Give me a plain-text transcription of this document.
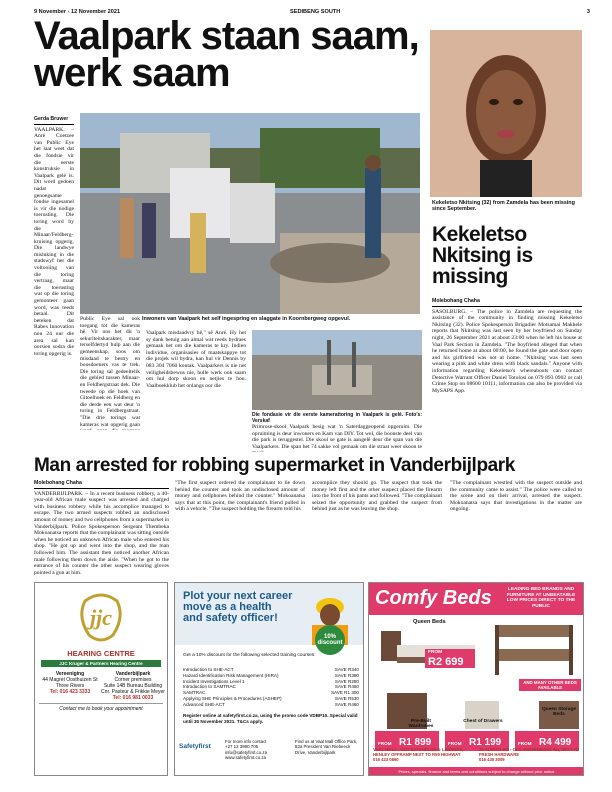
9 November - 12 November 2021	SEDIBENG SOUTH	3
Vaalpark staan saam, werk saam
Gerda Bruwer

VAALPARK. – Anré Coetzee van Public Eye het laat weet dat die fondsie vir die eerste konstruksie in Vaalpark gelé is. Dit word gedoen nadat genoegsame fondse ingesamel is vir die nodige toerusting. Die toring word by die Minaar/Feldberg-kruising opgerig. Die landwye misluking in die stadswyf het die voltooiing van die toring vertraag, maar die toerusting wat op die toring gemonteer gaan word, was reeds betaal. Dit beteken dat Rabex Innovation nou 24 uur die area sal kan oorsien sodra die toring opgerig is.

Inwoners van Vaalpark het self ingespring en slaggate in Koornbergweg opgevul.

Public Eye sal ook toegang tot die kameras hê. Vir ons het dit 'n sekuriteitskarakter, maar terselfdertyd hulp aan die gemeenskap, soos om misdaad te bestry en boosdoeners vas te trek. Die toring sal gedeeltelik die gebied tussen Minaar- en Feldbergstraat dek. Die tweede op die hoek van Gitoelhoek en Feldberg en die derde een wat deur 'n toring in Feldbergstraat. "Die drie torings wat kameras wat opgerig gaan

Vaalpark misdaadvry hê," sê Anré. Hy het sy dank betuig aan almal wat reeds bydraes gemaak het om die kameras te kry. Indien individue, organisasies of maatskappye tot die projek wil bydra, kan hul vir Dennis by 083 304 7060 kontak. Vaalparkers is nie net veiligheidsbewus nie, hulle werk ook saam om hul dorp skoon en netjies te hou. Vaalboekklub het onlangs oor die

Die fondasie vir die eerste kamerattoring in Vaalpark is gelê. Foto's: Verskaf

Primrose-skool Vaalpark besig wat 'n Saterdaggeopend opgeruim. Die opruiming is deur inwoners en Kam van DIY. Tot wel, die boonste deel van die park is teruggestel. Die skool se gate is aangelê deur die span van die Vaalparkers. Die span het 74 sakke vol gemaak om die straat weer skoon te

Kekeletso Nkitsing (32) from Zamdela has been missing since September.
Kekeletso Nkitsing is missing
Molebohang Chaha

SASOLBURG. – The police in Zamdela are requesting the assistance of the community in finding missing Kekeletso Nkitsing (32). Police Spokesperson Brigadier Motsamai Makhele reports that Nkitsing was last seen by her boyfriend on Sunday night, 26 September 2021 at about 23:00 when he left his house at Vaal Park Section in Zamdela. "The boyfriend alleged that when he returned home at about 00:00, he found the gate and door open and his girlfriend was not at home. "Nkitsing was last seen wearing a pink and white dress with black sandals." Anyone with information regarding Kekeletso's whereabouts can contact Detective Warrant Officer Daniel Totolosi on 079 893 0902 or call Crime Stop on 08600 10111, information can also be provided via MySAPS App.

Man arrested for robbing supermarket in Vanderbijlpark
Molebohang Chaha

VANDERBIJLPARK. – In a recent business robbery, a 40-year-old African male suspect was arrested and charged with business robbery while his accomplice managed to escape. The two armed suspects robbed an undisclosed amount of money and two cellphones from a supermarket in Vanderbijlpark. Police Spokesperson Sergeant Thembeka Mokoanatsa reports that the complainant was sitting outside when he noticed an unknown African male who entered his shop. "He got up and went into the shop, and the man followed him. The assistant then noticed another African male following them down the aisle. "When he got to the entrance of his counter the other suspect wearing gloves pointed a gun at him.

"The first suspect ordered the complainant to lie down behind the counter and took an undisclosed amount of money and cellphones behind the counter." Mokoanatsa says that at this point, the complainant's friend pulled in with a vehicle. "The suspect holding the firearm told his

accomplice they should go. The suspect that took the money left first and the other suspect placed the firearm into the front of his pants and followed. "The complainant seized the opportunity and grabbed the suspect from behind just as he was leaving the shop.

"The complainant wrestled with the suspect outside and the community came to assist." The police were called to the scene and on their arrival, arrested the suspect. Mokoanatsa says that investigations in the matter are ongoing.

jjc
HEARING CENTRE
JJC Kruger & Partners Hearing Centre
Vereeniging
44 Magret Oosthuizen St
Three Rivers
Tel: 016 423 3333
Vanderbijlpark
Corner premises
Suite 14B Bureau Building
Cnr. Pasteur & Frikkie Meyer
Tel: 016 981 0033
Contact me to book your appointment
Plot your next career move as a health and safety officer!
10% discount
Get a 10% discount for the following selected training courses:
Introduction to SHE-ACT	SAVE R340
Hazard Identification Risk Management (HIRA)	SAVE R380
Incident Investigations Level 1	SAVE R280
Introduction to SAMTRAC	SAVE R460
SAMTRAC	SAVE R1 300
Applying SHE Principles & Procedures (ASHEP)	SAVE R530
Advanced SHE-ACT	SAVE R460
Register online at safetyfirst.co.za, using the promo code VDBP10. Special valid until 30 November 2021. T&Cs apply.
Safetyfirst
For more info contact
+27 12 3990 705
info@safetyfirst.co.za
www.safetyfirst.co.za
Find us at Vaal Mall Office Park, 82a President Van Riebeeck Drive, Vanderbijlpark
Comfy Beds	LEADING BED BRANDS AND FURNITURE AT UNBEATABLE LOW PRICES DIRECT TO THE PUBLIC
Queen Beds
FROM
R2 699
AND MANY OTHER BEDS AVAILABLE
Pre-Built Wardrobes
Chest of Drawers
Queen Storage Beds
FROM R1 899	FROM R1 199	FROM R4 499
VAAL MALL - OLD BATCHELOR & LANDEDS, HENLEY OFFRAMP NEXT TO R59 HIGHWAY
016 423 0860
25 ALBERT RD - OLD VEREENIGING RD, NEXT TO FRESH HARDWARE
016 430 3009
Prices, specials, finance and terms and conditions subject to change without prior notice.
